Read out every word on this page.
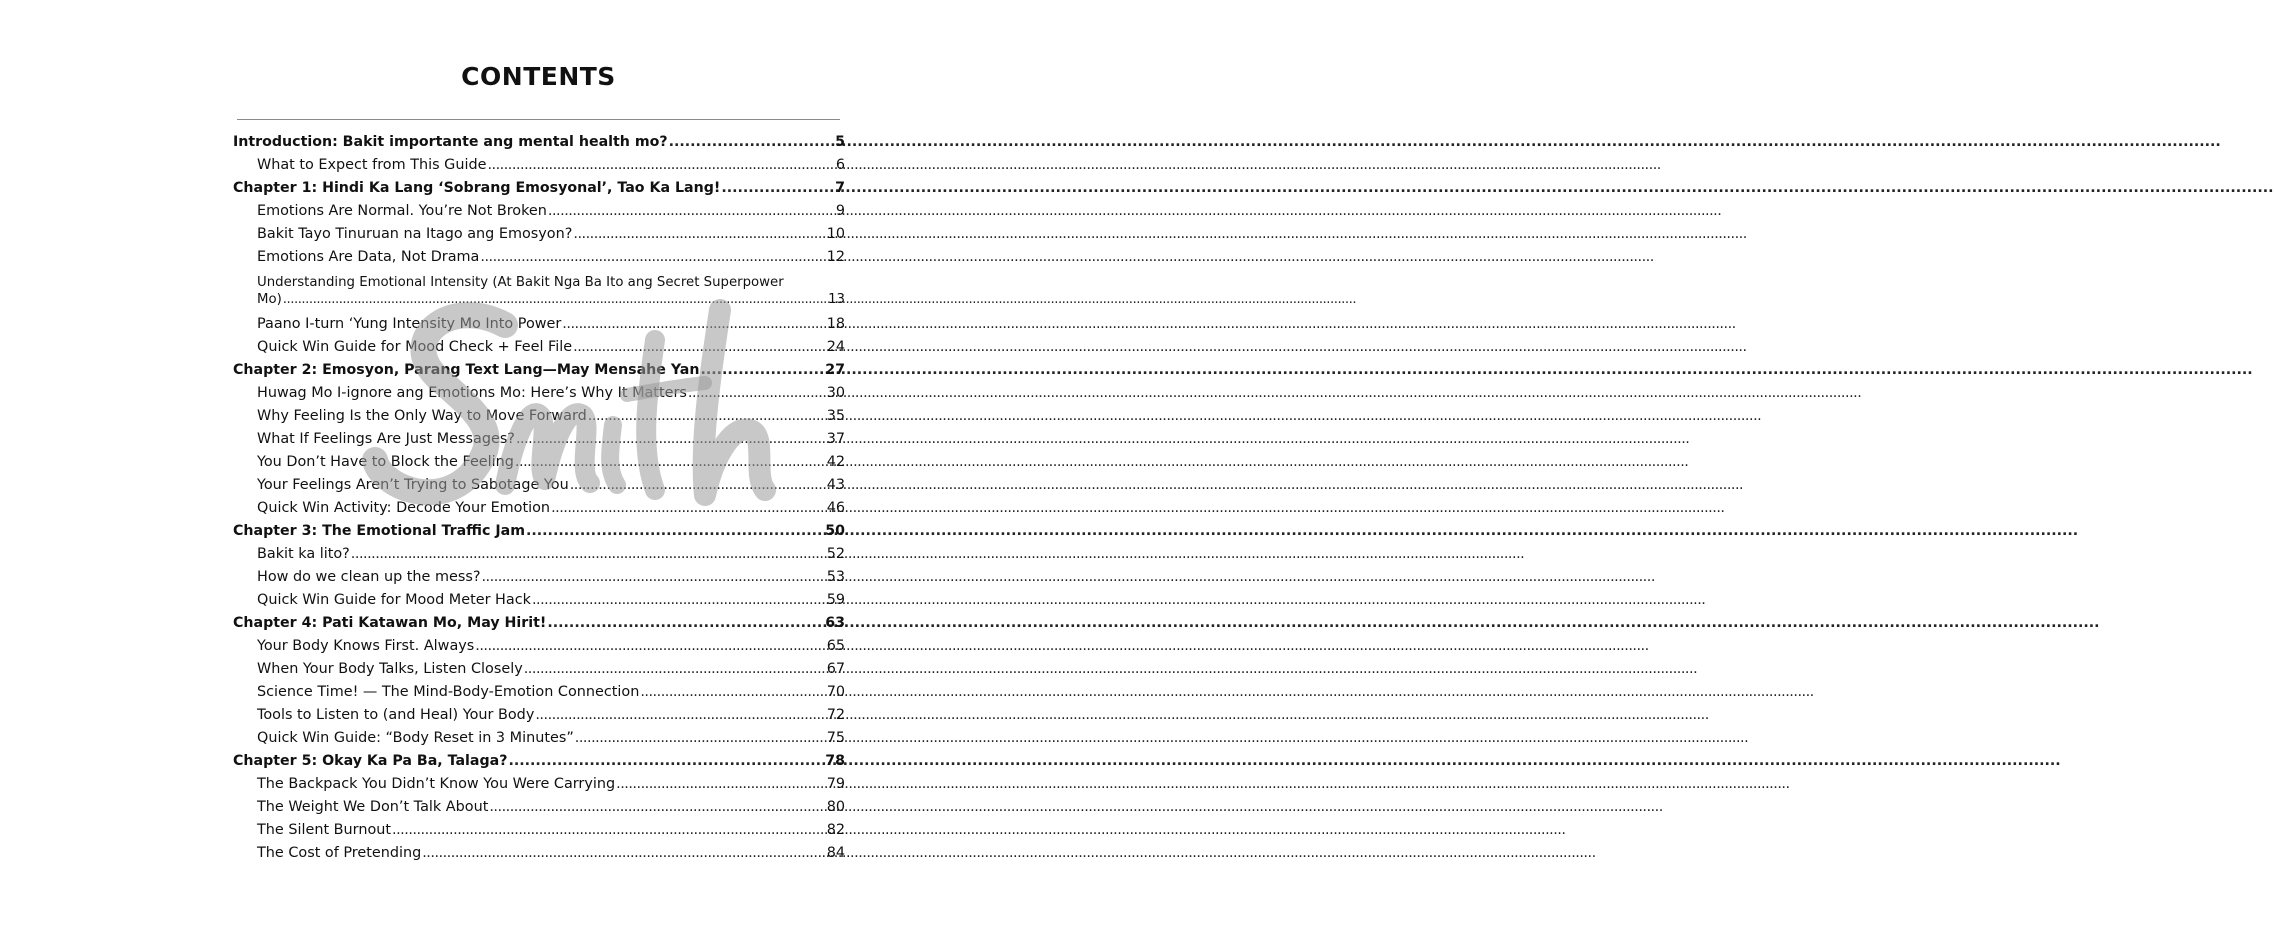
CONTENTS
Introduction: Bakit importante ang mental health mo? .....	5
What to Expect from This Guide .....	6
Chapter 1: Hindi Ka Lang ‘Sobrang Emosyonal’, Tao Ka Lang! .....	7
Emotions Are Normal. You’re Not Broken .....	9
Bakit Tayo Tinuruan na Itago ang Emosyon? .....	10
Emotions Are Data, Not Drama .....	12
Understanding Emotional Intensity (At Bakit Nga Ba Ito ang Secret Superpower
Mo) .....	13
Paano I-turn ‘Yung Intensity Mo Into Power .....	18
Quick Win Guide for Mood Check + Feel File .....	24
Chapter 2: Emosyon, Parang Text Lang—May Mensahe Yan .....	27
Huwag Mo I-ignore ang Emotions Mo: Here’s Why It Matters .....	30
Why Feeling Is the Only Way to Move Forward .....	35
What If Feelings Are Just Messages? .....	37
You Don’t Have to Block the Feeling .....	42
Your Feelings Aren’t Trying to Sabotage You .....	43
Quick Win Activity: Decode Your Emotion .....	46
Chapter 3: The Emotional Traffic Jam .....	50
Bakit ka lito? .....	52
How do we clean up the mess? .....	53
Quick Win Guide for Mood Meter Hack .....	59
Chapter 4: Pati Katawan Mo, May Hirit! .....	63
Your Body Knows First. Always .....	65
When Your Body Talks, Listen Closely .....	67
Science Time! — The Mind-Body-Emotion Connection .....	70
Tools to Listen to (and Heal) Your Body .....	72
Quick Win Guide: “Body Reset in 3 Minutes” .....	75
Chapter 5: Okay Ka Pa Ba, Talaga? .....	78
The Backpack You Didn’t Know You Were Carrying .....	79
The Weight We Don’t Talk About .....	80
The Silent Burnout .....	82
The Cost of Pretending .....	84
